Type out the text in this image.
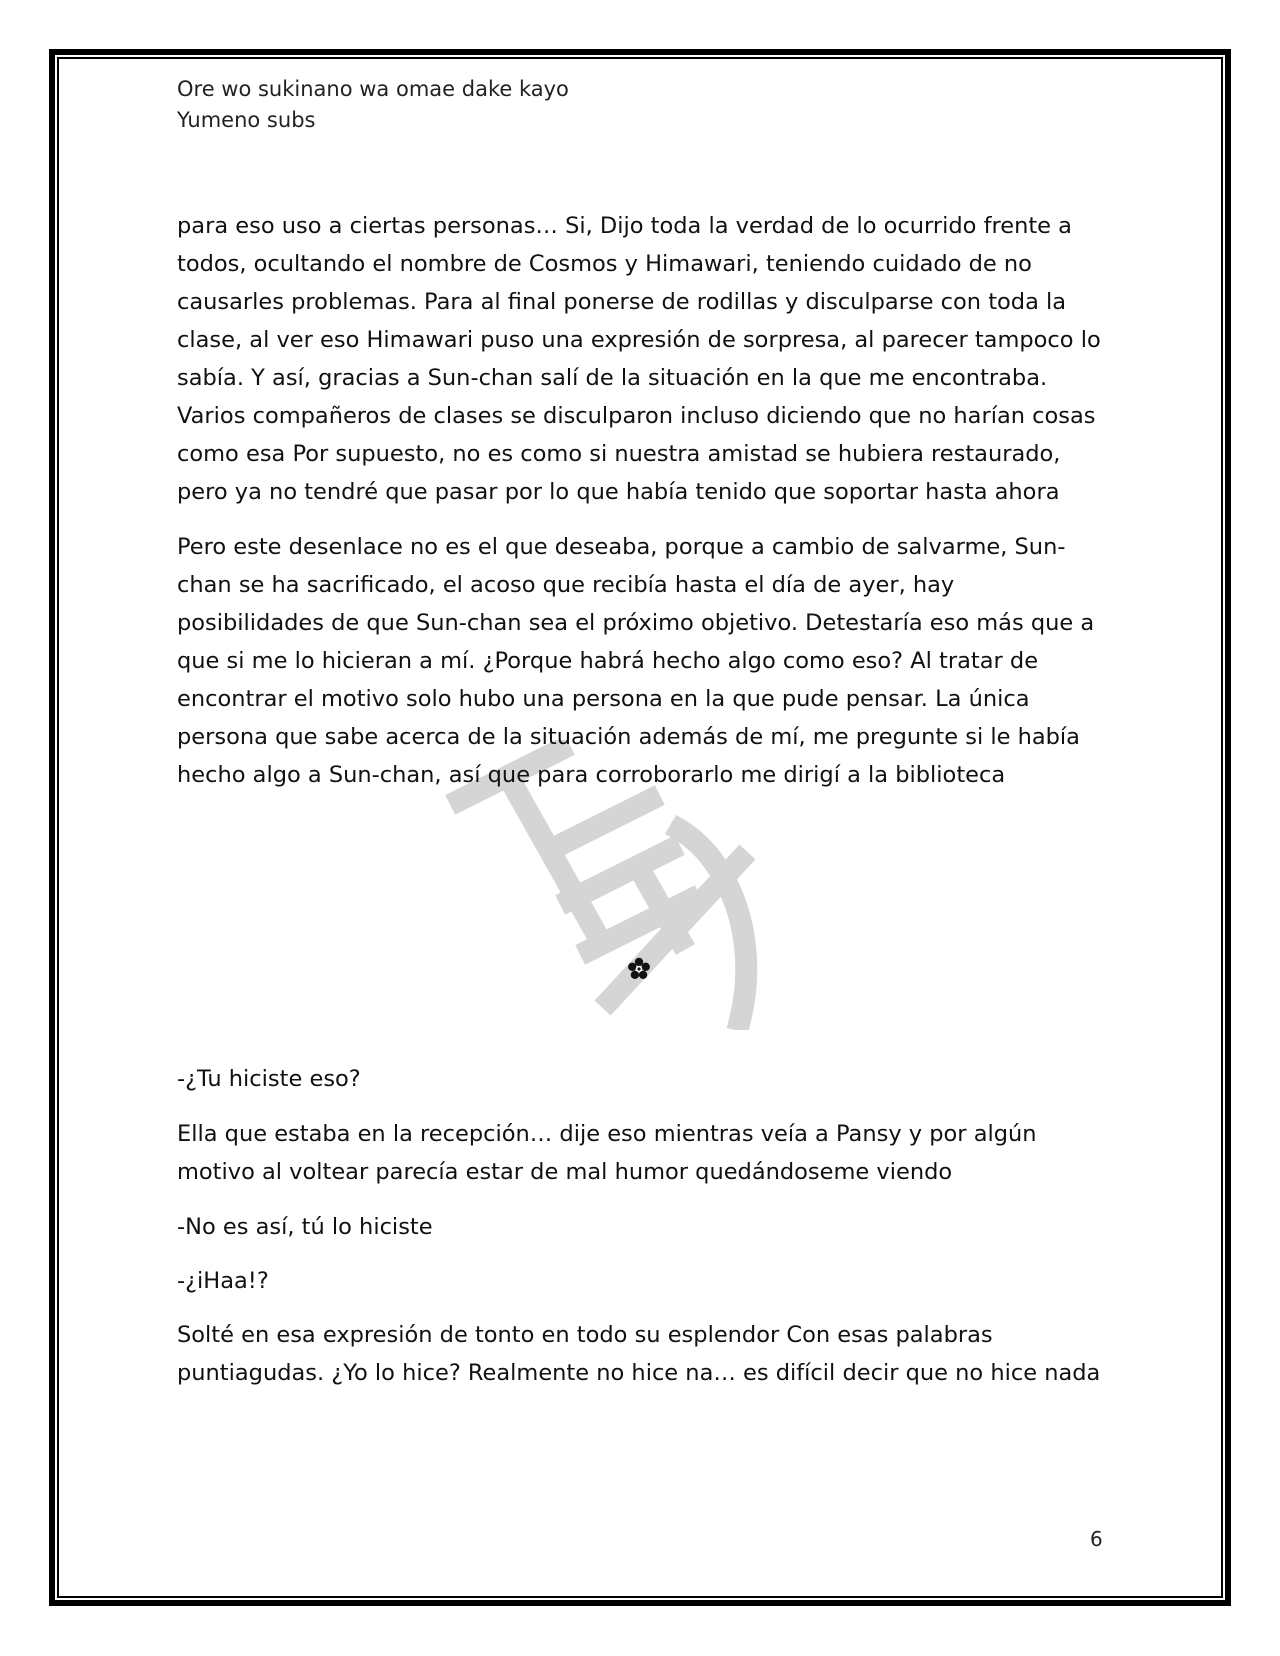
Ore wo sukinano wa omae dake kayo
Yumeno subs

para eso uso a ciertas personas… Si, Dijo toda la verdad de lo ocurrido frente a todos, ocultando el nombre de Cosmos y Himawari, teniendo cuidado de no causarles problemas. Para al final ponerse de rodillas y disculparse con toda la clase, al ver eso Himawari puso una expresión de sorpresa, al parecer tampoco lo sabía. Y así, gracias a Sun-chan salí de la situación en la que me encontraba. Varios compañeros de clases se disculparon incluso diciendo que no harían cosas como esa Por supuesto, no es como si nuestra amistad se hubiera restaurado, pero ya no tendré que pasar por lo que había tenido que soportar hasta ahora

Pero este desenlace no es el que deseaba, porque a cambio de salvarme, Sun-chan se ha sacrificado, el acoso que recibía hasta el día de ayer, hay posibilidades de que Sun-chan sea el próximo objetivo. Detestaría eso más que a que si me lo hicieran a mí. ¿Porque habrá hecho algo como eso? Al tratar de encontrar el motivo solo hubo una persona en la que pude pensar. La única persona que sabe acerca de la situación además de mí, me pregunte si le había hecho algo a Sun-chan, así que para corroborarlo me dirigí a la biblioteca

-¿Tu hiciste eso?
Ella que estaba en la recepción… dije eso mientras veía a Pansy y por algún motivo al voltear parecía estar de mal humor quedándoseme viendo
-No es así, tú lo hiciste
-¿iHaa!?
Solté en esa expresión de tonto en todo su esplendor Con esas palabras puntiagudas. ¿Yo lo hice? Realmente no hice na… es difícil decir que no hice nada
6
